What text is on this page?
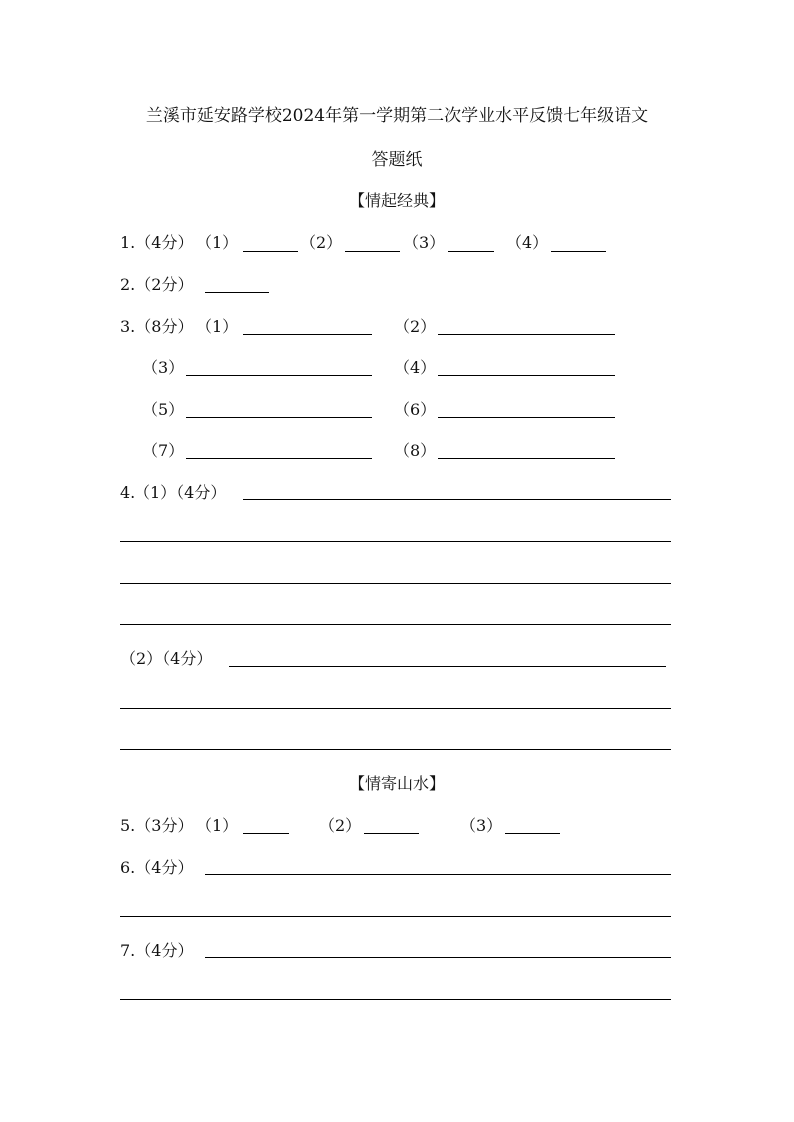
兰溪市延安路学校2024年第一学期第二次学业水平反馈七年级语文
答题纸
【情起经典】
1.（4分） （1）	（2）	（3）	（4）
2.（2分）
3.（8分） （1）	（2）
（3）	（4）
（5）	（6）
（7）	（8）
4.
（1）（4分）
（2）（4分）
【情寄山水】
5.（3分） （1）	（2）	（3）
6.（4分）
7.（4分）
